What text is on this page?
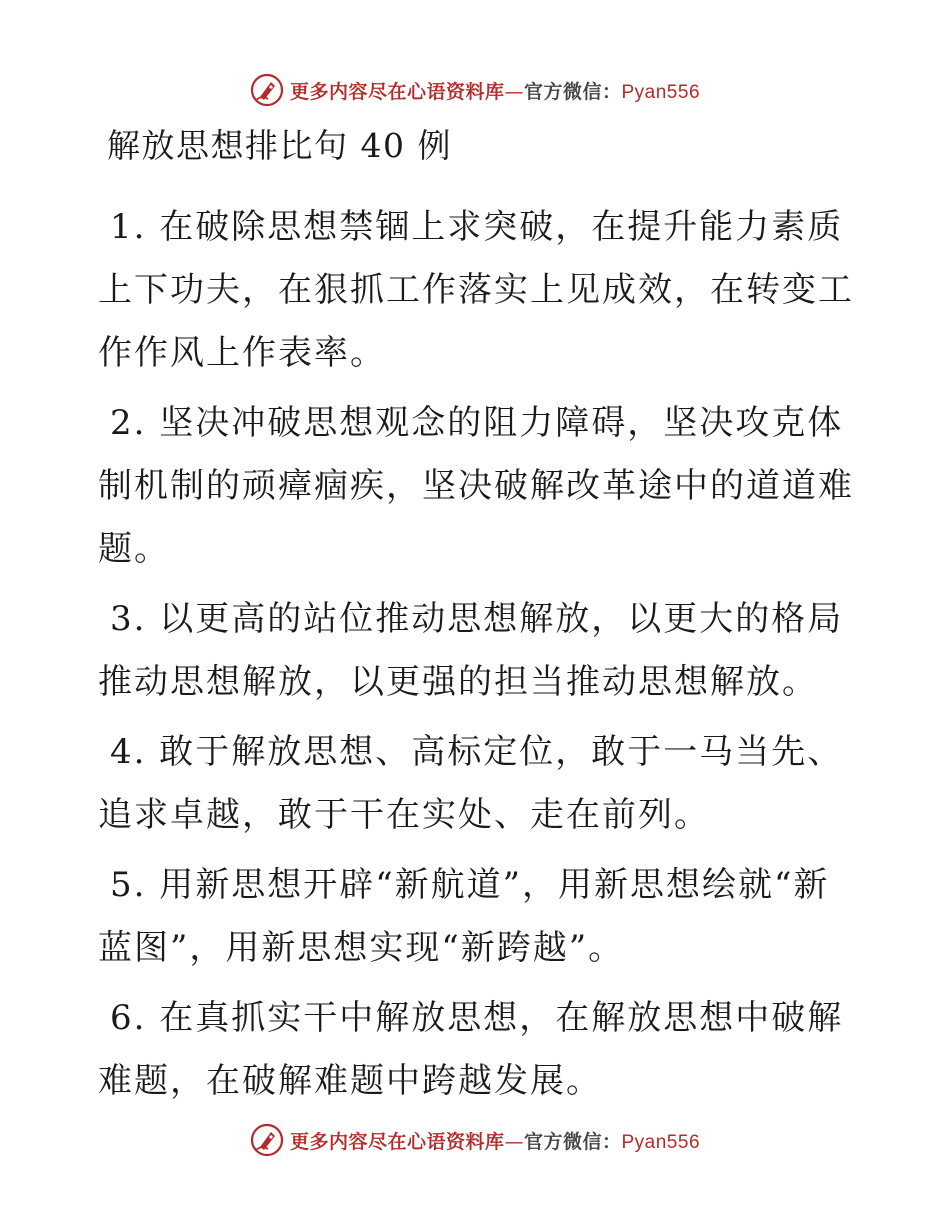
更多内容尽在心语资料库—官方微信：Pyan556
解放思想排比句 40 例
1. 在破除思想禁锢上求突破，在提升能力素质上下功夫，在狠抓工作落实上见成效，在转变工作作风上作表率。
2. 坚决冲破思想观念的阻力障碍，坚决攻克体制机制的顽瘴痼疾，坚决破解改革途中的道道难题。
3. 以更高的站位推动思想解放，以更大的格局推动思想解放，以更强的担当推动思想解放。
4. 敢于解放思想、高标定位，敢于一马当先、追求卓越，敢于干在实处、走在前列。
5. 用新思想开辟“新航道”，用新思想绘就“新蓝图”，用新思想实现“新跨越”。
6. 在真抓实干中解放思想，在解放思想中破解难题，在破解难题中跨越发展。
更多内容尽在心语资料库—官方微信：Pyan556
